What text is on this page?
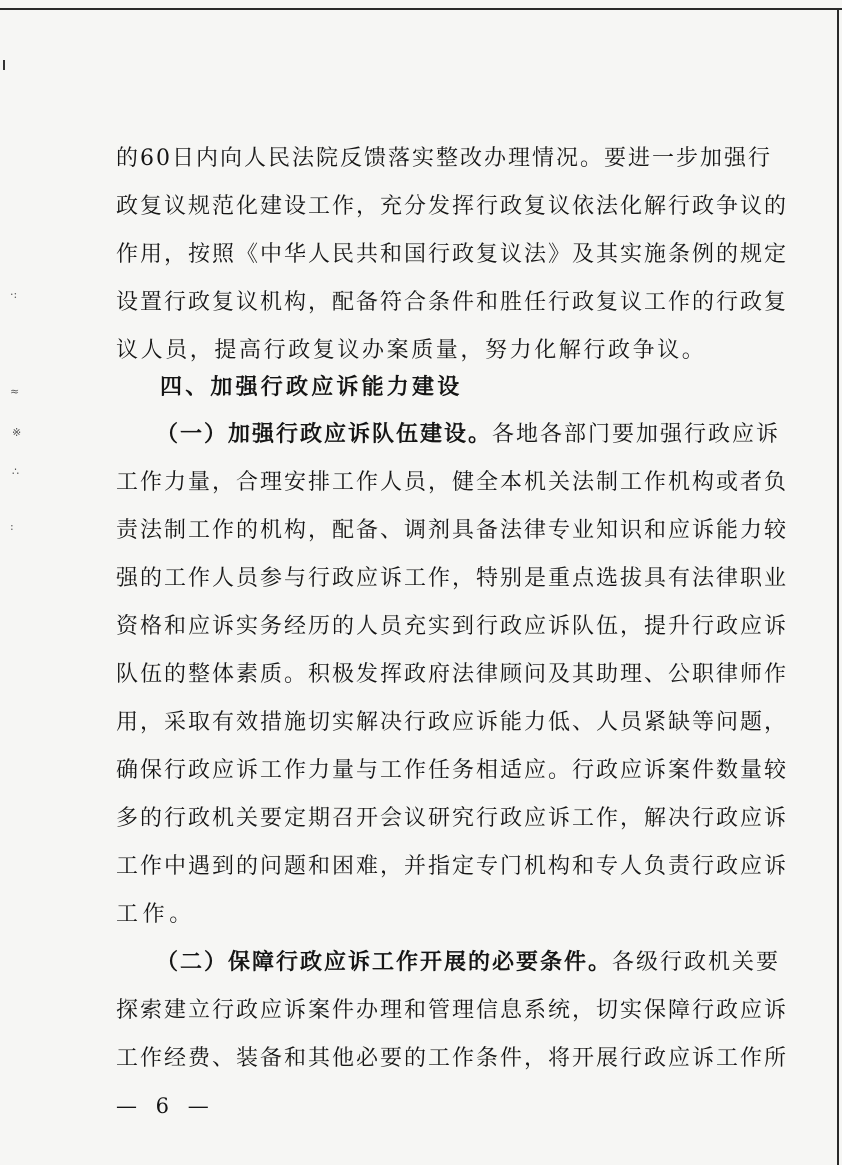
·:
≈
※
∴
:
的60日内向人民法院反馈落实整改办理情况。要进一步加强行
政复议规范化建设工作，充分发挥行政复议依法化解行政争议的
作用，按照《中华人民共和国行政复议法》及其实施条例的规定
设置行政复议机构，配备符合条件和胜任行政复议工作的行政复
议人员，提高行政复议办案质量，努力化解行政争议。
四、加强行政应诉能力建设
（一）加强行政应诉队伍建设。各地各部门要加强行政应诉
工作力量，合理安排工作人员，健全本机关法制工作机构或者负
责法制工作的机构，配备、调剂具备法律专业知识和应诉能力较
强的工作人员参与行政应诉工作，特别是重点选拔具有法律职业
资格和应诉实务经历的人员充实到行政应诉队伍，提升行政应诉
队伍的整体素质。积极发挥政府法律顾问及其助理、公职律师作
用，采取有效措施切实解决行政应诉能力低、人员紧缺等问题，
确保行政应诉工作力量与工作任务相适应。行政应诉案件数量较
多的行政机关要定期召开会议研究行政应诉工作，解决行政应诉
工作中遇到的问题和困难，并指定专门机构和专人负责行政应诉
工作。
（二）保障行政应诉工作开展的必要条件。各级行政机关要
探索建立行政应诉案件办理和管理信息系统，切实保障行政应诉
工作经费、装备和其他必要的工作条件，将开展行政应诉工作所
— 6 —
